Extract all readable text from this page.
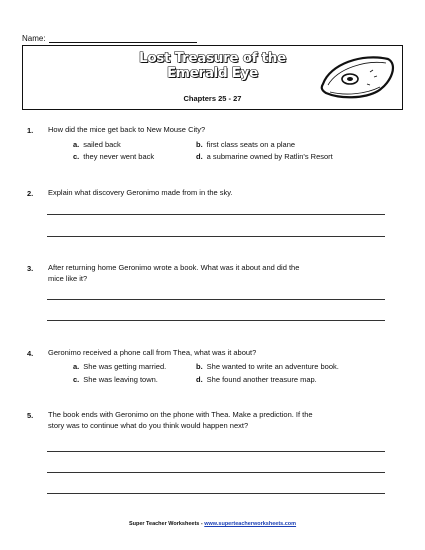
Name:
Lost Treasure of the
Emerald Eye
Chapters 25 - 27
1. How did the mice get back to New Mouse City?
a. sailed back	b. first class seats on a plane
c. they never went back	d. a submarine owned by Ratlin's Resort
2. Explain what discovery Geronimo made from in the sky.
3. After returning home Geronimo wrote a book. What was it about and did the
mice like it?
4. Geronimo received a phone call from Thea, what was it about?
a. She was getting married.	b. She wanted to write an adventure book.
c. She was leaving town.	d. She found another treasure map.
5. The book ends with Geronimo on the phone with Thea. Make a prediction. If the
story was to continue what do you think would happen next?
Super Teacher Worksheets - www.superteacherworksheets.com
